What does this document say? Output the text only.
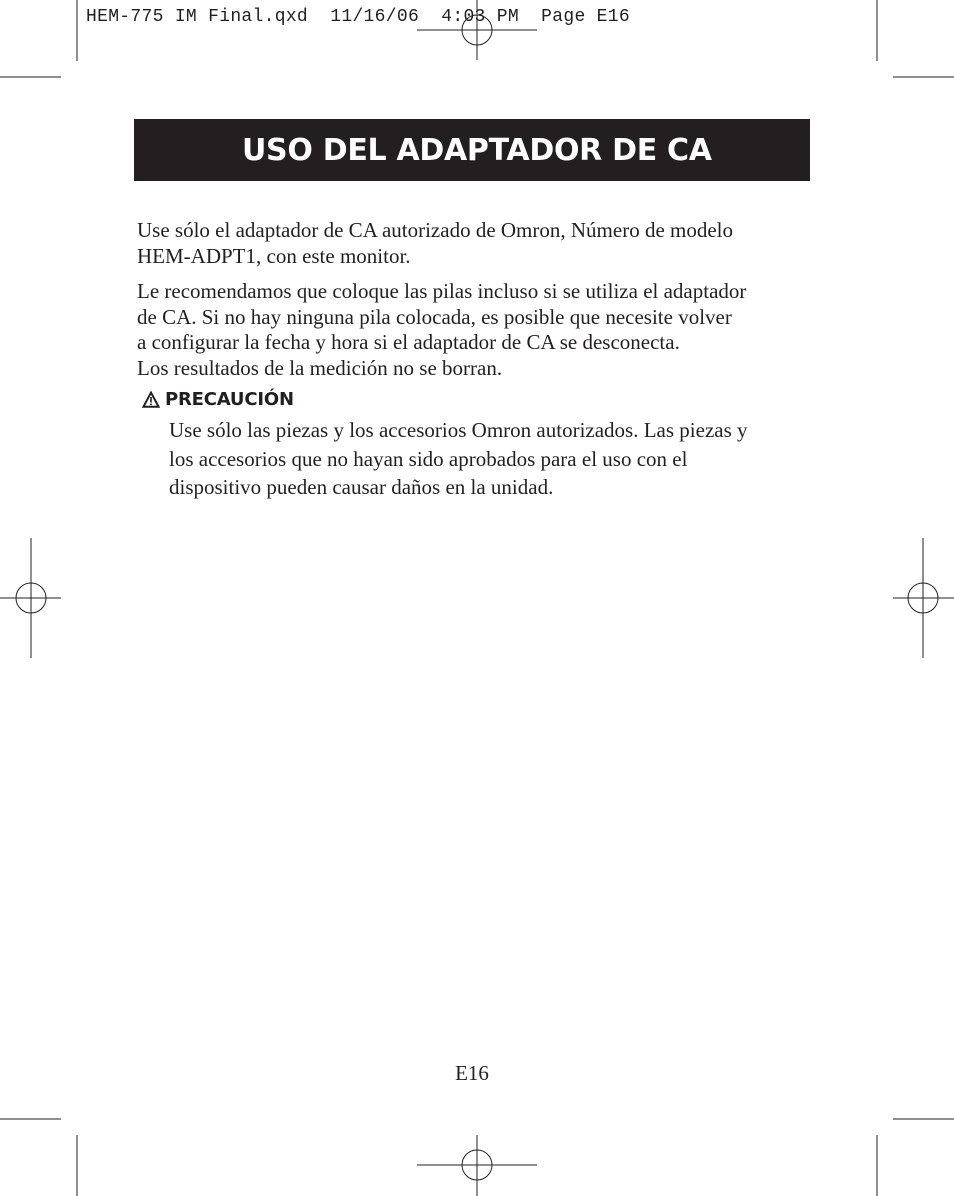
HEM-775 IM Final.qxd  11/16/06  4:03 PM  Page E16
USO DEL ADAPTADOR DE CA

Use sólo el adaptador de CA autorizado de Omron, Número de modelo
HEM-ADPT1, con este monitor.

Le recomendamos que coloque las pilas incluso si se utiliza el adaptador
de CA. Si no hay ninguna pila colocada, es posible que necesite volver
a configurar la fecha y hora si el adaptador de CA se desconecta.
Los resultados de la medición no se borran.

PRECAUCIÓN
Use sólo las piezas y los accesorios Omron autorizados. Las piezas y
los accesorios que no hayan sido aprobados para el uso con el
dispositivo pueden causar daños en la unidad.
E16
